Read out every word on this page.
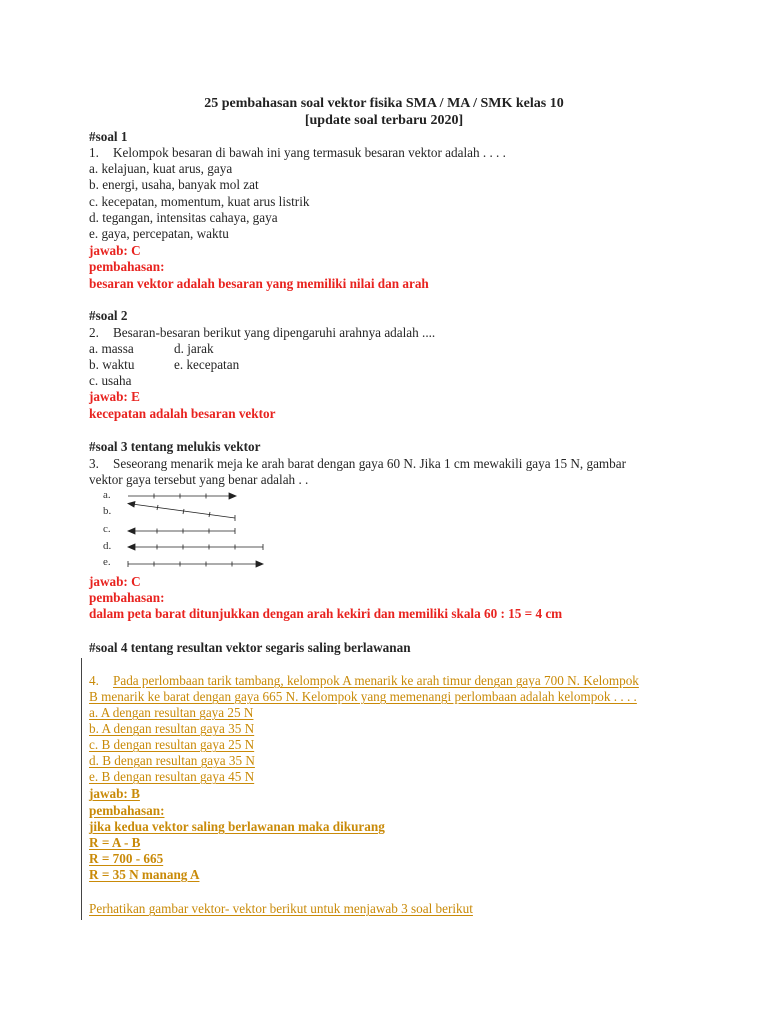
25 pembahasan soal vektor fisika SMA / MA / SMK kelas 10
[update soal terbaru 2020]
#soal 1
1. Kelompok besaran di bawah ini yang termasuk besaran vektor adalah . . . .
a. kelajuan, kuat arus, gaya
b. energi, usaha, banyak mol zat
c. kecepatan, momentum, kuat arus listrik
d. tegangan, intensitas cahaya, gaya
e. gaya, percepatan, waktu
jawab: C
pembahasan:
besaran vektor adalah besaran yang memiliki nilai dan arah
#soal 2
2. Besaran-besaran berikut yang dipengaruhi arahnya adalah ....
a. massa	d. jarak
b. waktu	e. kecepatan
c. usaha
jawab: E
kecepatan adalah besaran vektor
#soal 3 tentang melukis vektor
3. Seseorang menarik meja ke arah barat dengan gaya 60 N. Jika 1 cm mewakili gaya 15 N, gambar
vektor gaya tersebut yang benar adalah . .
a.
b.
c.
d.
e.
jawab: C
pembahasan:
dalam peta barat ditunjukkan dengan arah kekiri dan memiliki skala 60 : 15 = 4 cm
#soal 4 tentang resultan vektor segaris saling berlawanan
4. Pada perlombaan tarik tambang, kelompok A menarik ke arah timur dengan gaya 700 N. Kelompok
B menarik ke barat dengan gaya 665 N. Kelompok yang memenangi perlombaan adalah kelompok . . . .
a. A dengan resultan gaya 25 N
b. A dengan resultan gaya 35 N
c. B dengan resultan gaya 25 N
d. B dengan resultan gaya 35 N
e. B dengan resultan gaya 45 N
jawab: B
pembahasan:
jika kedua vektor saling berlawanan maka dikurang
R = A - B
R = 700 - 665
R = 35 N manang A
Perhatikan gambar vektor- vektor berikut untuk menjawab 3 soal berikut
